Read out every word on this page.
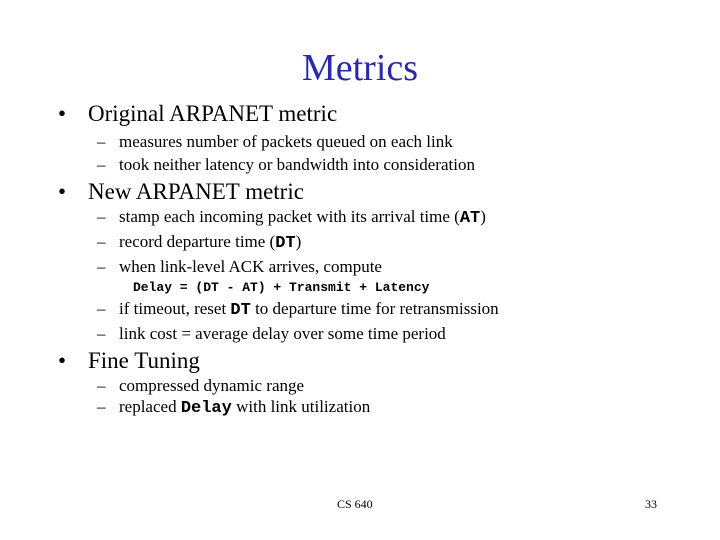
Metrics
• Original ARPANET metric
– measures number of packets queued on each link
– took neither latency or bandwidth into consideration
• New ARPANET metric
– stamp each incoming packet with its arrival time (AT)
– record departure time (DT)
– when link-level ACK arrives, compute
Delay = (DT - AT) + Transmit + Latency
– if timeout, reset DT to departure time for retransmission
– link cost = average delay over some time period
• Fine Tuning
– compressed dynamic range
– replaced Delay with link utilization
CS 640	33
